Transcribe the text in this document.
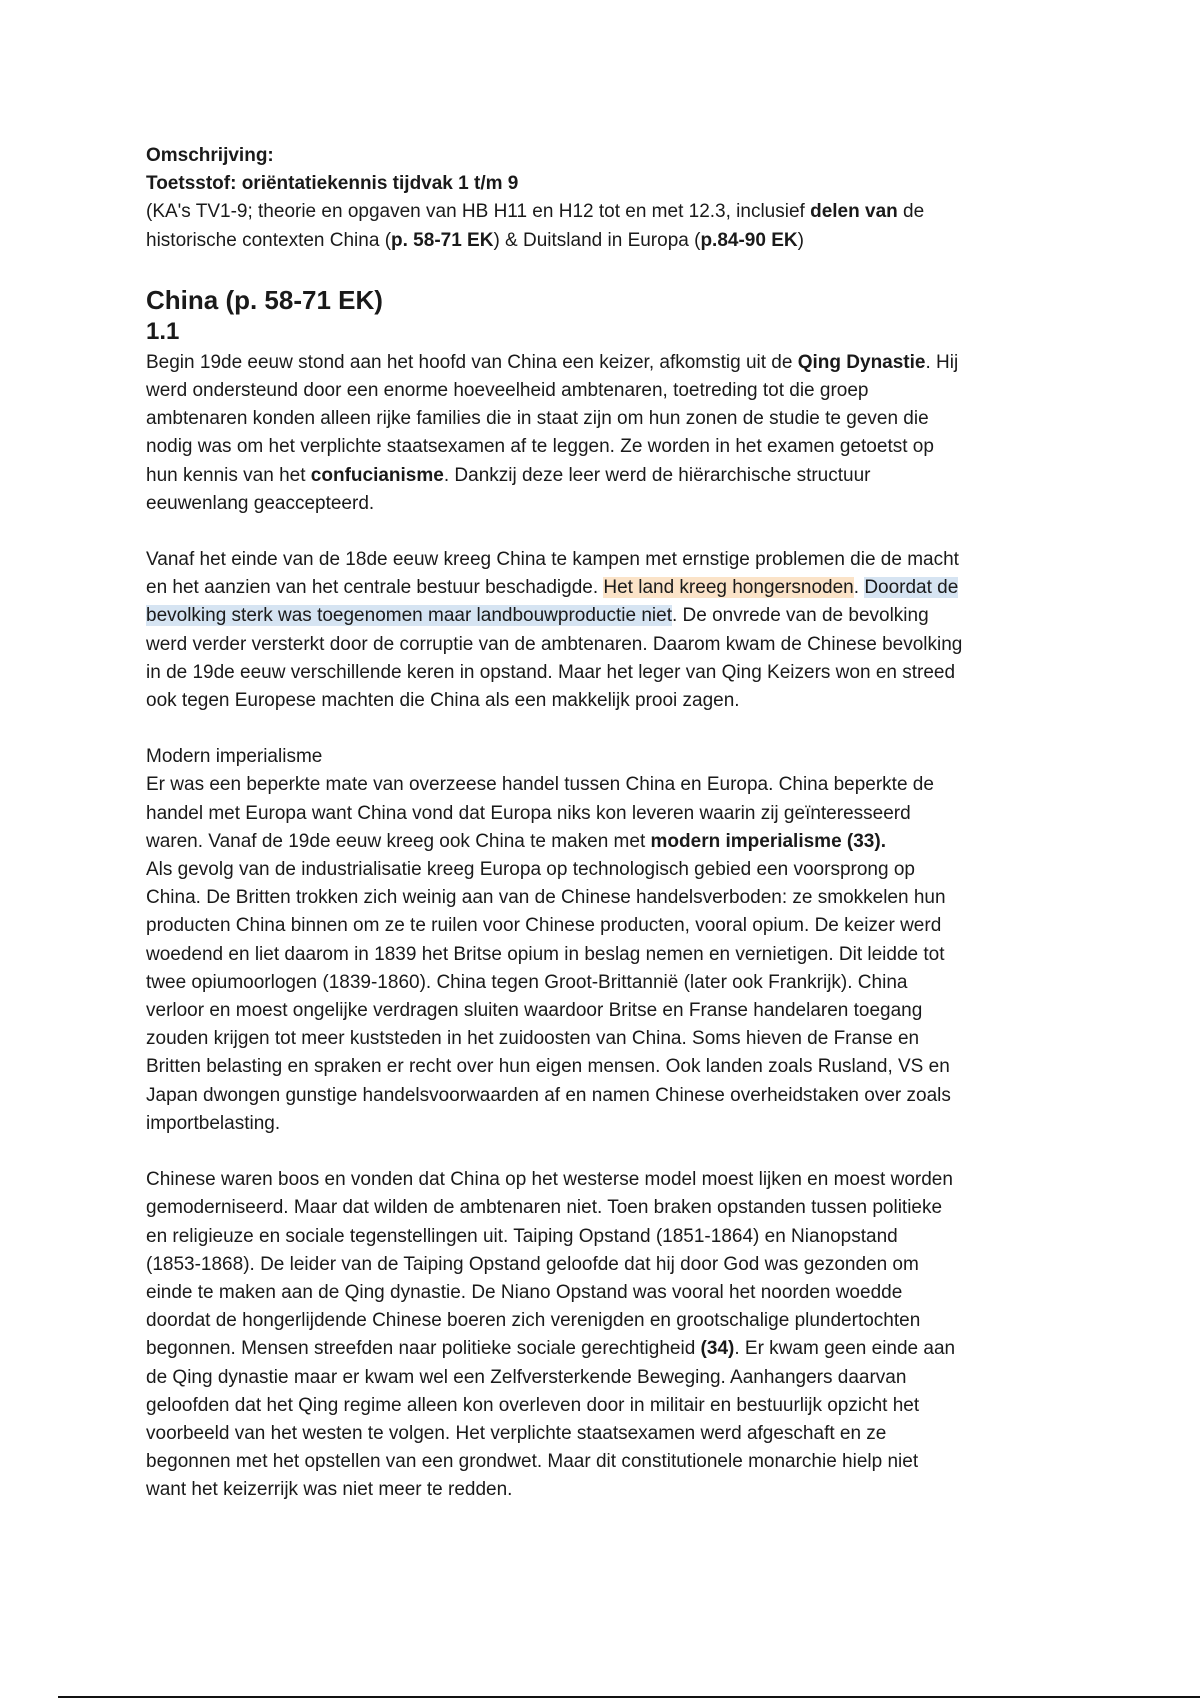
Omschrijving:
Toetsstof: oriëntatiekennis tijdvak 1 t/m 9
(KA's TV1-9; theorie en opgaven van HB H11 en H12 tot en met 12.3, inclusief delen van de
historische contexten China (p. 58-71 EK) & Duitsland in Europa (p.84-90 EK)
China (p. 58-71 EK)
1.1
Begin 19de eeuw stond aan het hoofd van China een keizer, afkomstig uit de Qing Dynastie. Hij
werd ondersteund door een enorme hoeveelheid ambtenaren, toetreding tot die groep
ambtenaren konden alleen rijke families die in staat zijn om hun zonen de studie te geven die
nodig was om het verplichte staatsexamen af te leggen. Ze worden in het examen getoetst op
hun kennis van het confucianisme. Dankzij deze leer werd de hiërarchische structuur
eeuwenlang geaccepteerd.
Vanaf het einde van de 18de eeuw kreeg China te kampen met ernstige problemen die de macht
en het aanzien van het centrale bestuur beschadigde. Het land kreeg hongersnoden. Doordat de
bevolking sterk was toegenomen maar landbouwproductie niet. De onvrede van de bevolking
werd verder versterkt door de corruptie van de ambtenaren. Daarom kwam de Chinese bevolking
in de 19de eeuw verschillende keren in opstand. Maar het leger van Qing Keizers won en streed
ook tegen Europese machten die China als een makkelijk prooi zagen.
Modern imperialisme
Er was een beperkte mate van overzeese handel tussen China en Europa. China beperkte de
handel met Europa want China vond dat Europa niks kon leveren waarin zij geïnteresseerd
waren. Vanaf de 19de eeuw kreeg ook China te maken met modern imperialisme (33).
Als gevolg van de industrialisatie kreeg Europa op technologisch gebied een voorsprong op
China. De Britten trokken zich weinig aan van de Chinese handelsverboden: ze smokkelen hun
producten China binnen om ze te ruilen voor Chinese producten, vooral opium. De keizer werd
woedend en liet daarom in 1839 het Britse opium in beslag nemen en vernietigen. Dit leidde tot
twee opiumoorlogen (1839-1860). China tegen Groot-Brittannië (later ook Frankrijk). China
verloor en moest ongelijke verdragen sluiten waardoor Britse en Franse handelaren toegang
zouden krijgen tot meer kuststeden in het zuidoosten van China. Soms hieven de Franse en
Britten belasting en spraken er recht over hun eigen mensen. Ook landen zoals Rusland, VS en
Japan dwongen gunstige handelsvoorwaarden af en namen Chinese overheidstaken over zoals
importbelasting.
Chinese waren boos en vonden dat China op het westerse model moest lijken en moest worden
gemoderniseerd. Maar dat wilden de ambtenaren niet. Toen braken opstanden tussen politieke
en religieuze en sociale tegenstellingen uit. Taiping Opstand (1851-1864) en Nianopstand
(1853-1868). De leider van de Taiping Opstand geloofde dat hij door God was gezonden om
einde te maken aan de Qing dynastie. De Niano Opstand was vooral het noorden woedde
doordat de hongerlijdende Chinese boeren zich verenigden en grootschalige plundertochten
begonnen. Mensen streefden naar politieke sociale gerechtigheid (34). Er kwam geen einde aan
de Qing dynastie maar er kwam wel een Zelfversterkende Beweging. Aanhangers daarvan
geloofden dat het Qing regime alleen kon overleven door in militair en bestuurlijk opzicht het
voorbeeld van het westen te volgen. Het verplichte staatsexamen werd afgeschaft en ze
begonnen met het opstellen van een grondwet. Maar dit constitutionele monarchie hielp niet
want het keizerrijk was niet meer te redden.
